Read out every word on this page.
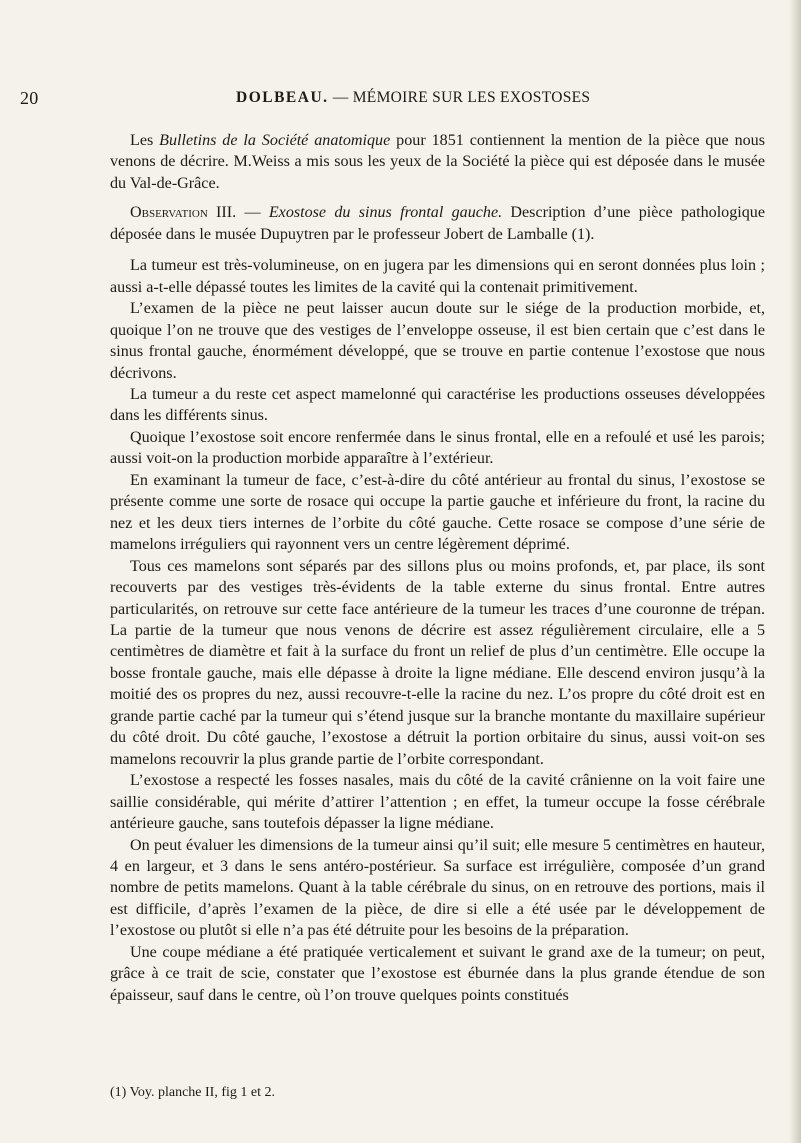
20	DOLBEAU. — MÉMOIRE SUR LES EXOSTOSES

Les Bulletins de la Société anatomique pour 1851 contiennent la mention de la pièce que nous venons de décrire. M.Weiss a mis sous les yeux de la Société la pièce qui est déposée dans le musée du Val-de-Grâce.

Observation III. — Exostose du sinus frontal gauche. Description d’une pièce pathologique déposée dans le musée Dupuytren par le professeur Jobert de Lamballe (1).

La tumeur est très-volumineuse, on en jugera par les dimensions qui en seront données plus loin ; aussi a-t-elle dépassé toutes les limites de la cavité qui la contenait primitivement.

L’examen de la pièce ne peut laisser aucun doute sur le siége de la production morbide, et, quoique l’on ne trouve que des vestiges de l’enveloppe osseuse, il est bien certain que c’est dans le sinus frontal gauche, énormément développé, que se trouve en partie contenue l’exostose que nous décrivons.

La tumeur a du reste cet aspect mamelonné qui caractérise les productions osseuses développées dans les différents sinus.

Quoique l’exostose soit encore renfermée dans le sinus frontal, elle en a refoulé et usé les parois; aussi voit-on la production morbide apparaître à l’extérieur.

En examinant la tumeur de face, c’est-à-dire du côté antérieur au frontal du sinus, l’exostose se présente comme une sorte de rosace qui occupe la partie gauche et inférieure du front, la racine du nez et les deux tiers internes de l’orbite du côté gauche. Cette rosace se compose d’une série de mamelons irréguliers qui rayonnent vers un centre légèrement déprimé.

Tous ces mamelons sont séparés par des sillons plus ou moins profonds, et, par place, ils sont recouverts par des vestiges très-évidents de la table externe du sinus frontal. Entre autres particularités, on retrouve sur cette face antérieure de la tumeur les traces d’une couronne de trépan. La partie de la tumeur que nous venons de décrire est assez régulièrement circulaire, elle a 5 centimètres de diamètre et fait à la surface du front un relief de plus d’un centimètre. Elle occupe la bosse frontale gauche, mais elle dépasse à droite la ligne médiane. Elle descend environ jusqu’à la moitié des os propres du nez, aussi recouvre-t-elle la racine du nez. L’os propre du côté droit est en grande partie caché par la tumeur qui s’étend jusque sur la branche montante du maxillaire supérieur du côté droit. Du côté gauche, l’exostose a détruit la portion orbitaire du sinus, aussi voit-on ses mamelons recouvrir la plus grande partie de l’orbite correspondant.

L’exostose a respecté les fosses nasales, mais du côté de la cavité crânienne on la voit faire une saillie considérable, qui mérite d’attirer l’attention ; en effet, la tumeur occupe la fosse cérébrale antérieure gauche, sans toutefois dépasser la ligne médiane.

On peut évaluer les dimensions de la tumeur ainsi qu’il suit; elle mesure 5 centimètres en hauteur, 4 en largeur, et 3 dans le sens antéro-postérieur. Sa surface est irrégulière, composée d’un grand nombre de petits mamelons. Quant à la table cérébrale du sinus, on en retrouve des portions, mais il est difficile, d’après l’examen de la pièce, de dire si elle a été usée par le développement de l’exostose ou plutôt si elle n’a pas été détruite pour les besoins de la préparation.

Une coupe médiane a été pratiquée verticalement et suivant le grand axe de la tumeur; on peut, grâce à ce trait de scie, constater que l’exostose est éburnée dans la plus grande étendue de son épaisseur, sauf dans le centre, où l’on trouve quelques points constitués

(1) Voy. planche II, fig 1 et 2.
